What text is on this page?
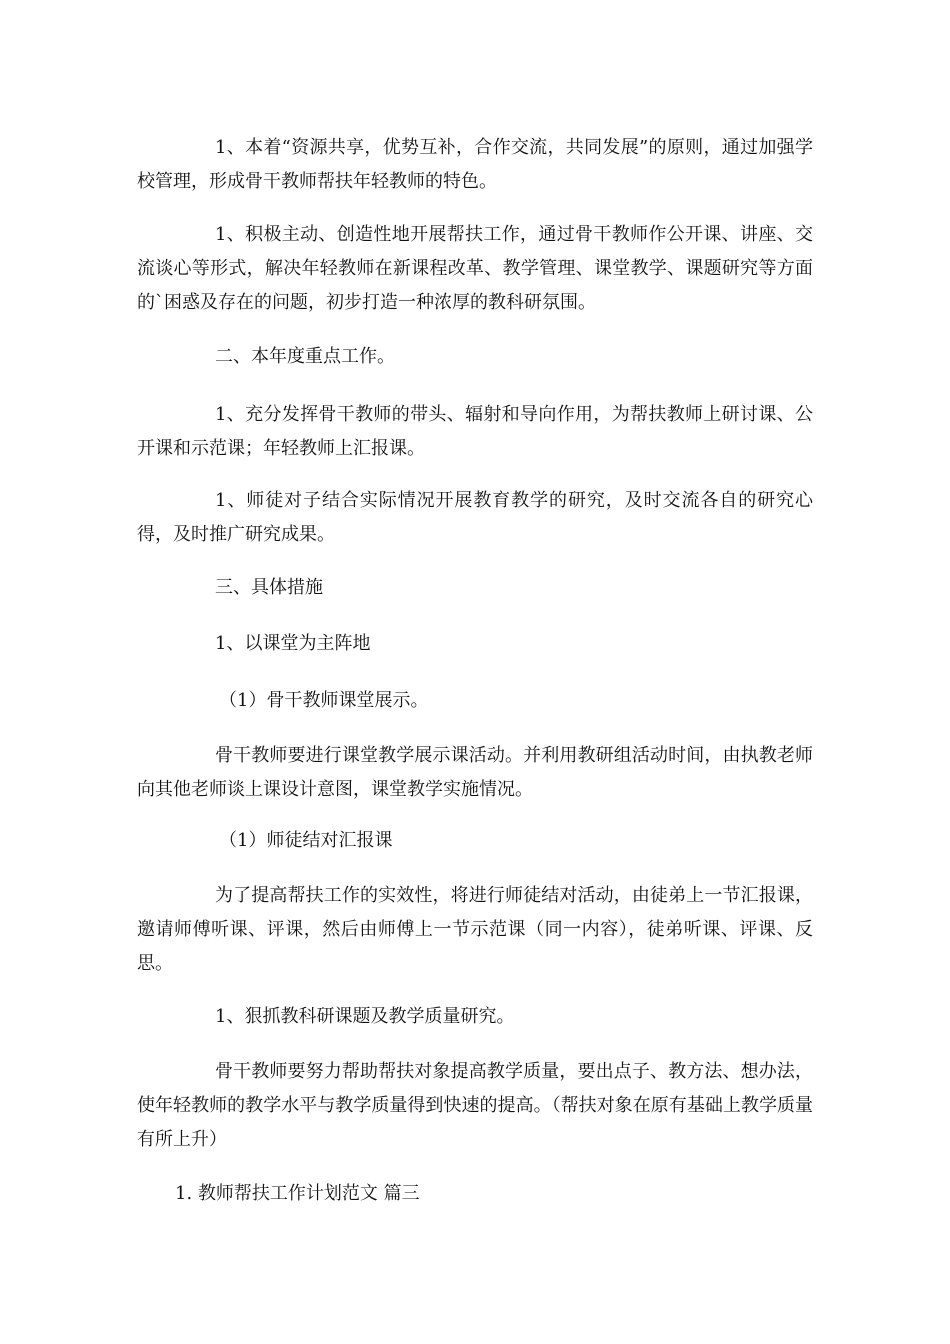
1、本着“资源共享，优势互补，合作交流，共同发展”的原则，通过加强学校管理，形成骨干教师帮扶年轻教师的特色。

1、积极主动、创造性地开展帮扶工作，通过骨干教师作公开课、讲座、交流谈心等形式，解决年轻教师在新课程改革、教学管理、课堂教学、课题研究等方面的`困惑及存在的问题，初步打造一种浓厚的教科研氛围。

二、本年度重点工作。

1、充分发挥骨干教师的带头、辐射和导向作用，为帮扶教师上研讨课、公开课和示范课；年轻教师上汇报课。

1、师徒对子结合实际情况开展教育教学的研究，及时交流各自的研究心得，及时推广研究成果。

三、具体措施

1、以课堂为主阵地

（1）骨干教师课堂展示。

骨干教师要进行课堂教学展示课活动。并利用教研组活动时间，由执教老师向其他老师谈上课设计意图，课堂教学实施情况。

（1）师徒结对汇报课

为了提高帮扶工作的实效性，将进行师徒结对活动，由徒弟上一节汇报课，邀请师傅听课、评课，然后由师傅上一节示范课（同一内容），徒弟听课、评课、反思。

1、狠抓教科研课题及教学质量研究。

骨干教师要努力帮助帮扶对象提高教学质量，要出点子、教方法、想办法，使年轻教师的教学水平与教学质量得到快速的提高。（帮扶对象在原有基础上教学质量有所上升）

1. 教师帮扶工作计划范文 篇三
